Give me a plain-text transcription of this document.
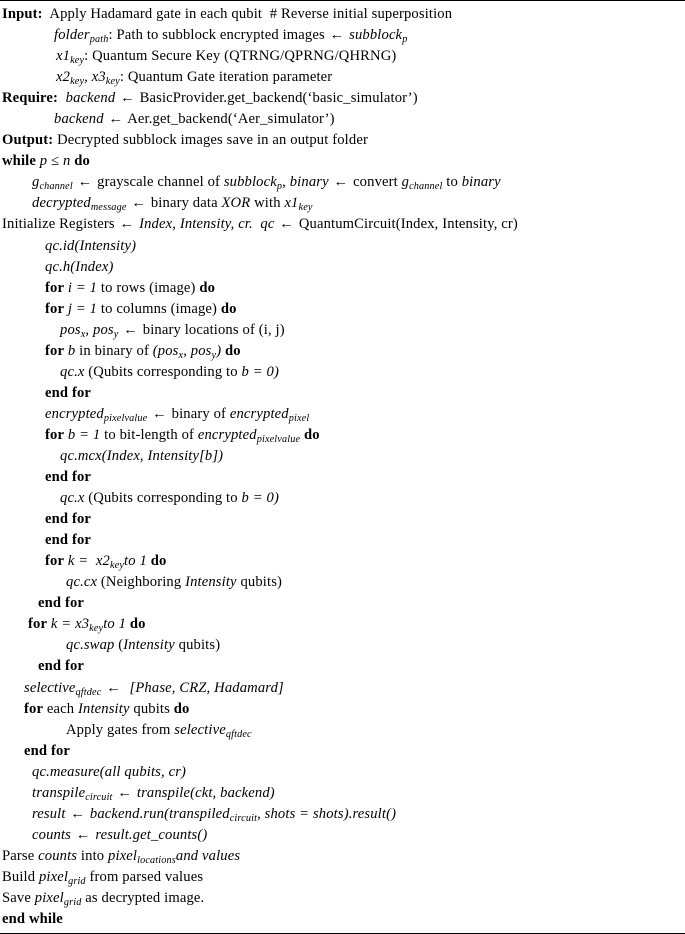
Input: Apply Hadamard gate in each qubit # Reverse initial superposition
folder$_{path}$: Path to subblock encrypted images ← subblock$_p$
$x1_{key}$: Quantum Secure Key (QTRNG/QPRNG/QHRNG)
$x2_{key}$, $x3_{key}$: Quantum Gate iteration parameter
Require: backend ← BasicProvider.get_backend(‘basic_simulator’)
backend ← Aer.get_backend(‘Aer_simulator’)
Output: Decrypted subblock images save in an output folder
while p ≤ n do
$g_{channel}$ ← grayscale channel of subblock$_p$, binary ← convert $g_{channel}$ to binary
decrypted$_{message}$ ← binary data XOR with $x1_{key}$
Initialize Registers ← Index, Intensity, cr. qc ← QuantumCircuit(Index, Intensity, cr)
qc.id(Intensity)
qc.h(Index)
for i = 1 to rows (image) do
for j = 1 to columns (image) do
pos$_x$, pos$_y$ ← binary locations of (i, j)
for b in binary of (pos$_x$, pos$_y$) do
qc.x (Qubits corresponding to b = 0)
end for
encrypted$_{pixelvalue}$ ← binary of encrypted$_{pixel}$
for b = 1 to bit-length of encrypted$_{pixelvalue}$ do
qc.mcx(Index, Intensity[b])
end for
qc.x (Qubits corresponding to b = 0)
end for
end for
for $k = x2_{key}to$ 1 do
qc.cx (Neighboring Intensity qubits)
end for
for $k = x3_{key}to$ 1 do
qc.swap (Intensity qubits)
end for
selective$_{qftdec}$ ← [Phase, CRZ, Hadamard]
for each Intensity qubits do
Apply gates from selective$_{qftdec}$
end for
qc.measure(all qubits, cr)
transpile$_{circuit}$ ← transpile(ckt, backend)
result ← backend.run(transpiled$_{circuit}$, shots = shots).result()
counts ← result.get_counts()
Parse counts into pixel$_{locations}$and values
Build pixel$_{grid}$ from parsed values
Save pixel$_{grid}$ as decrypted image.
end while
